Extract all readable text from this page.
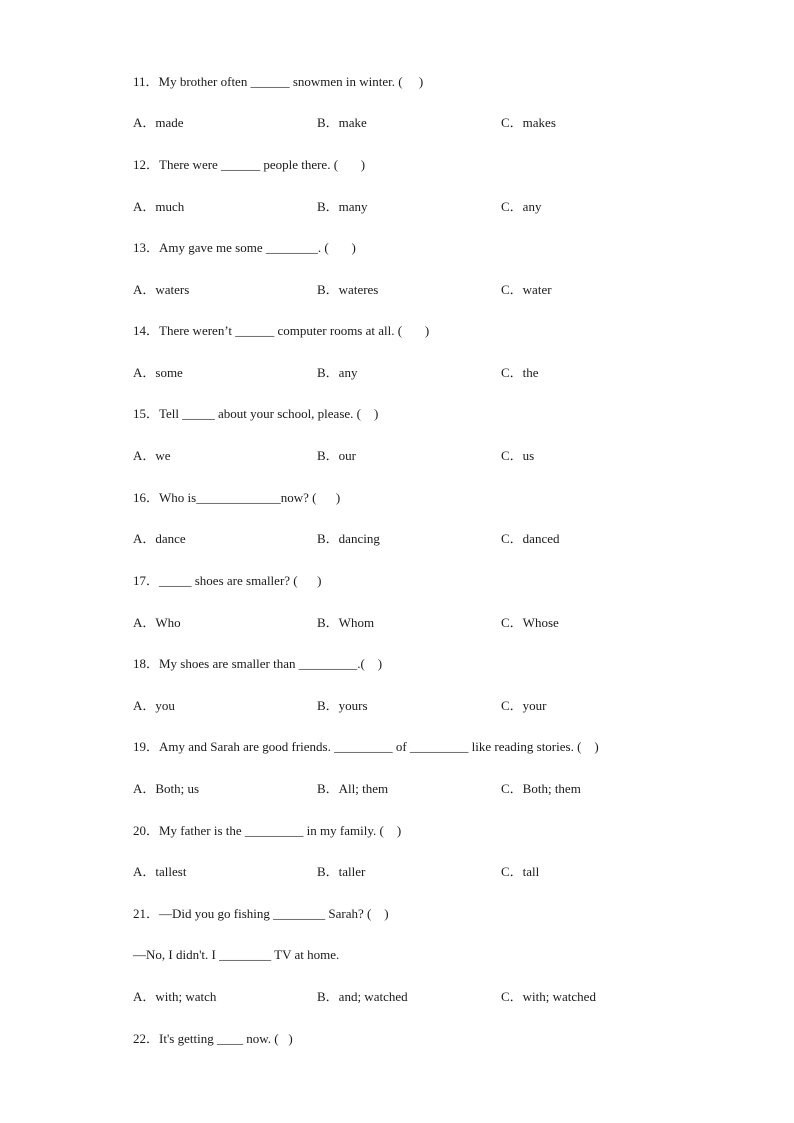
11．My brother often ______ snowmen in winter. (     )
A．made	B．make	C．makes
12．There were ______ people there. (       )
A．much	B．many	C．any
13．Amy gave me some ________. (       )
A．waters	B．wateres	C．water
14．There weren’t ______ computer rooms at all. (       )
A．some	B．any	C．the
15．Tell _____ about your school, please. (    )
A．we	B．our	C．us
16．Who is_____________now? (      )
A．dance	B．dancing	C．danced
17．_____ shoes are smaller? (      )
A．Who	B．Whom	C．Whose
18．My shoes are smaller than _________.(    )
A．you	B．yours	C．your
19．Amy and Sarah are good friends. _________ of _________ like reading stories. (    )
A．Both; us	B．All; them	C．Both; them
20．My father is the _________ in my family. (    )
A．tallest	B．taller	C．tall
21．—Did you go fishing ________ Sarah? (    )
—No, I didn't. I ________ TV at home.
A．with; watch	B．and; watched	C．with; watched
22．It's getting ____ now. (   )
